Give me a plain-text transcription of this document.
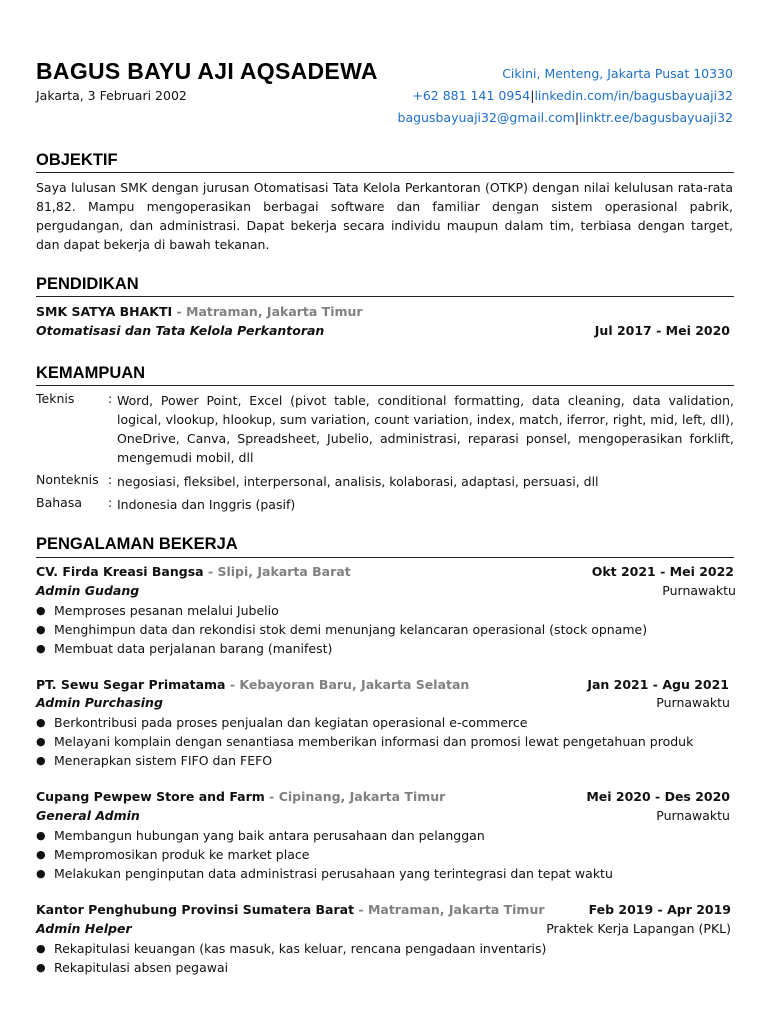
BAGUS BAYU AJI AQSADEWA
Jakarta, 3 Februari 2002
Cikini, Menteng, Jakarta Pusat 10330
+62 881 141 0954|linkedin.com/in/bagusbayuaji32
bagusbayuaji32@gmail.com|linktr.ee/bagusbayuaji32
OBJEKTIF

Saya lulusan SMK dengan jurusan Otomatisasi Tata Kelola Perkantoran (OTKP) dengan nilai kelulusan rata-rata 81,82. Mampu mengoperasikan berbagai software dan familiar dengan sistem operasional pabrik, pergudangan, dan administrasi. Dapat bekerja secara individu maupun dalam tim, terbiasa dengan target, dan dapat bekerja di bawah tekanan.

PENDIDIKAN
SMK SATYA BHAKTI - Matraman, Jakarta Timur
Otomatisasi dan Tata Kelola Perkantoran	Jul 2017 - Mei 2020
KEMAMPUAN
Teknis	: Word, Power Point, Excel (pivot table, conditional formatting, data cleaning, data validation, logical, vlookup, hlookup, sum variation, count variation, index, match, iferror, right, mid, left, dll), OneDrive, Canva, Spreadsheet, Jubelio, administrasi, reparasi ponsel, mengoperasikan forklift, mengemudi mobil, dll
Nonteknis : negosiasi, fleksibel, interpersonal, analisis, kolaborasi, adaptasi, persuasi, dll
Bahasa : Indonesia dan Inggris (pasif)
PENGALAMAN BEKERJA
CV. Firda Kreasi Bangsa - Slipi, Jakarta Barat	Okt 2021 - Mei 2022
Admin Gudang	Purnawaktu
● Memproses pesanan melalui Jubelio
● Menghimpun data dan rekondisi stok demi menunjang kelancaran operasional (stock opname)
● Membuat data perjalanan barang (manifest)
PT. Sewu Segar Primatama - Kebayoran Baru, Jakarta Selatan	Jan 2021 - Agu 2021
Admin Purchasing	Purnawaktu
● Berkontribusi pada proses penjualan dan kegiatan operasional e-commerce
● Melayani komplain dengan senantiasa memberikan informasi dan promosi lewat pengetahuan produk
● Menerapkan sistem FIFO dan FEFO
Cupang Pewpew Store and Farm - Cipinang, Jakarta Timur	Mei 2020 - Des 2020
General Admin	Purnawaktu
● Membangun hubungan yang baik antara perusahaan dan pelanggan
● Mempromosikan produk ke market place
● Melakukan penginputan data administrasi perusahaan yang terintegrasi dan tepat waktu
Kantor Penghubung Provinsi Sumatera Barat - Matraman, Jakarta Timur	Feb 2019 - Apr 2019
Admin Helper	Praktek Kerja Lapangan (PKL)
● Rekapitulasi keuangan (kas masuk, kas keluar, rencana pengadaan inventaris)
● Rekapitulasi absen pegawai
